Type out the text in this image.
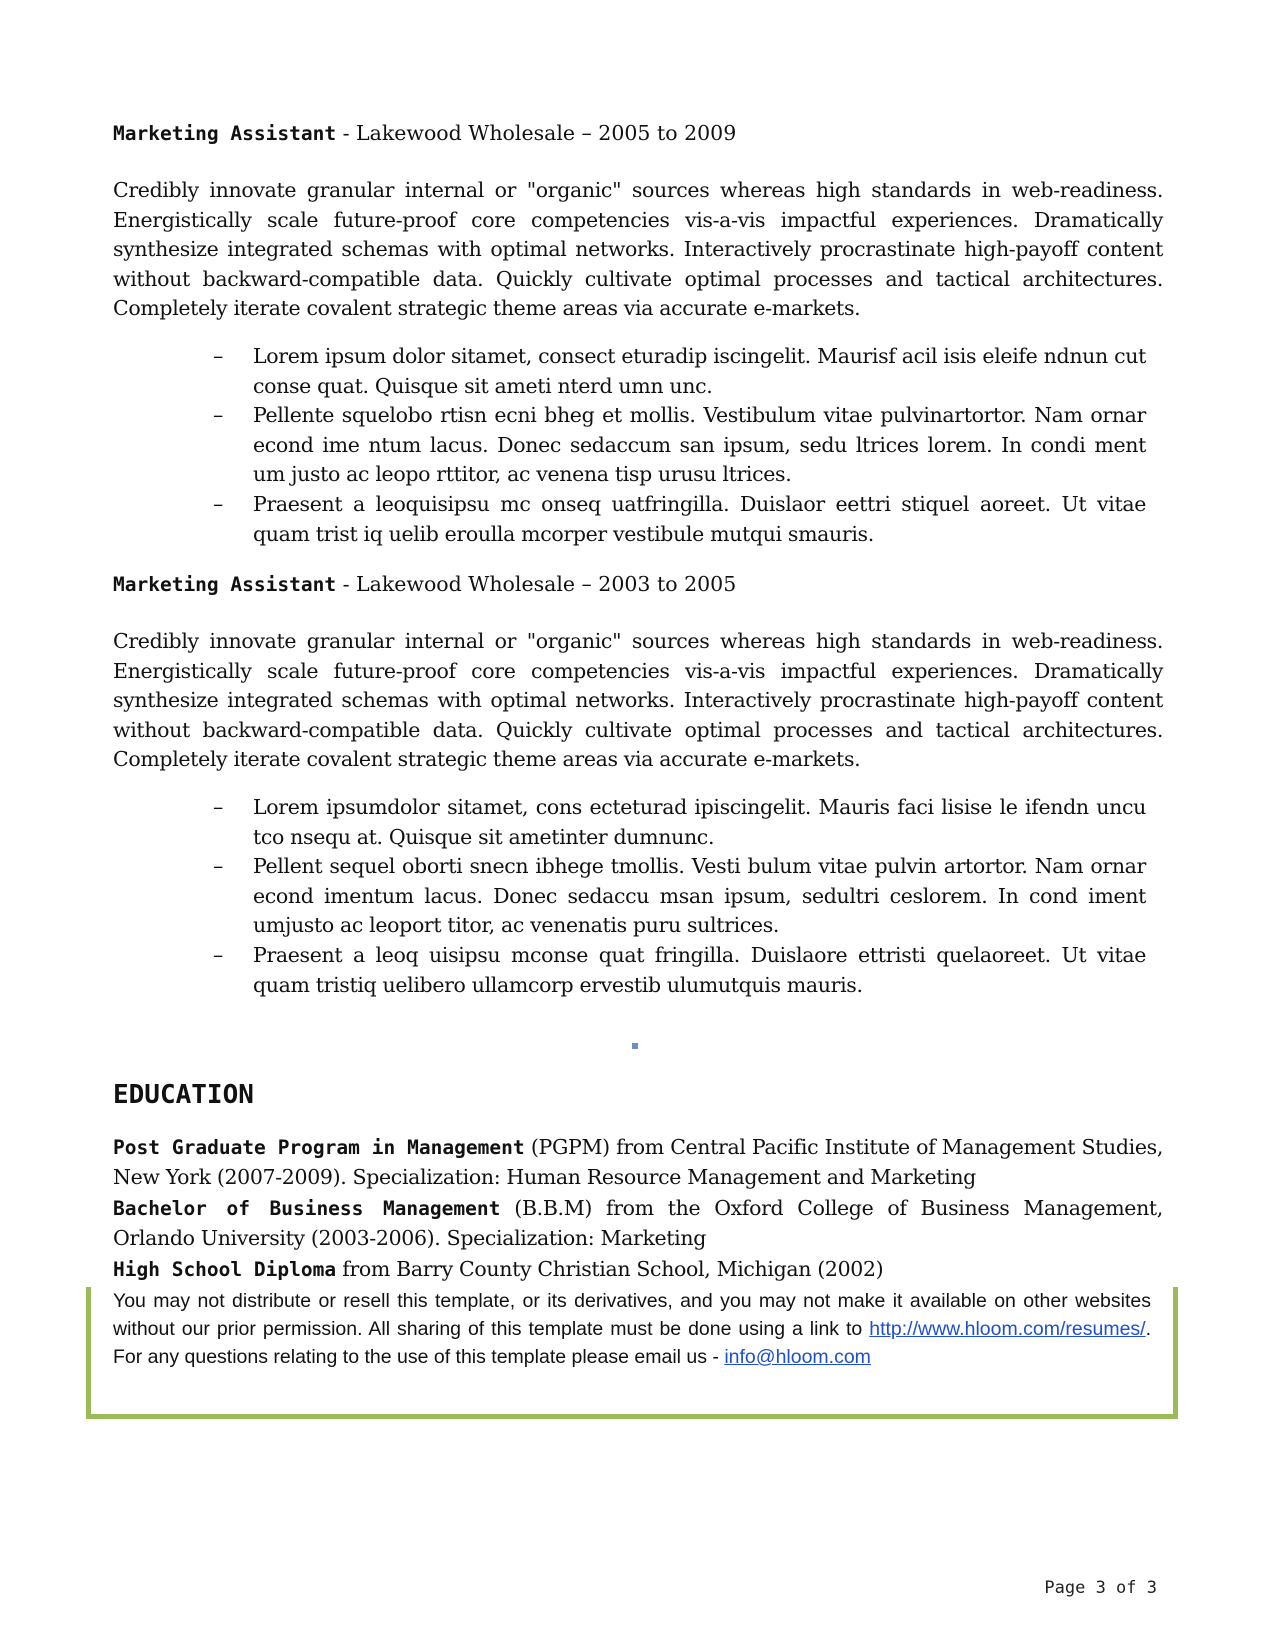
Marketing Assistant - Lakewood Wholesale – 2005 to 2009

Credibly innovate granular internal or "organic" sources whereas high standards in web-readiness. Energistically scale future-proof core competencies vis-a-vis impactful experiences. Dramatically synthesize integrated schemas with optimal networks. Interactively procrastinate high-payoff content without backward-compatible data. Quickly cultivate optimal processes and tactical architectures. Completely iterate covalent strategic theme areas via accurate e-markets.

– Lorem ipsum dolor sitamet, consect eturadip iscingelit. Maurisf acil isis eleife ndnun cut conse quat. Quisque sit ameti nterd umn unc.
– Pellente squelobo rtisn ecni bheg et mollis. Vestibulum vitae pulvinartortor. Nam ornar econd ime ntum lacus. Donec sedaccum san ipsum, sedu ltrices lorem. In condi ment um justo ac leopo rttitor, ac venena tisp urusu ltrices.
– Praesent a leoquisipsu mc onseq uatfringilla. Duislaor eettri stiquel aoreet. Ut vitae quam trist iq uelib eroulla mcorper vestibule mutqui smauris.

Marketing Assistant - Lakewood Wholesale – 2003 to 2005

Credibly innovate granular internal or "organic" sources whereas high standards in web-readiness. Energistically scale future-proof core competencies vis-a-vis impactful experiences. Dramatically synthesize integrated schemas with optimal networks. Interactively procrastinate high-payoff content without backward-compatible data. Quickly cultivate optimal processes and tactical architectures. Completely iterate covalent strategic theme areas via accurate e-markets.

– Lorem ipsumdolor sitamet, cons ecteturad ipiscingelit. Mauris faci lisise le ifendn uncu tco nsequ at. Quisque sit ametinter dumnunc.
– Pellent sequel oborti snecn ibhege tmollis. Vesti bulum vitae pulvin artortor. Nam ornar econd imentum lacus. Donec sedaccu msan ipsum, sedultri ceslorem. In cond iment umjusto ac leoport titor, ac venenatis puru sultrices.
– Praesent a leoq uisipsu mconse quat fringilla. Duislaore ettristi quelaoreet. Ut vitae quam tristiq uelibero ullamcorp ervestib ulumutquis mauris.
EDUCATION

Post Graduate Program in Management (PGPM) from Central Pacific Institute of Management Studies, New York (2007-2009). Specialization: Human Resource Management and Marketing

Bachelor of Business Management (B.B.M) from the Oxford College of Business Management, Orlando University (2003-2006). Specialization: Marketing

High School Diploma from Barry County Christian School, Michigan (2002)

You may not distribute or resell this template, or its derivatives, and you may not make it available on other websites without our prior permission. All sharing of this template must be done using a link to http://www.hloom.com/resumes/. For any questions relating to the use of this template please email us - info@hloom.com

Page 3 of 3
